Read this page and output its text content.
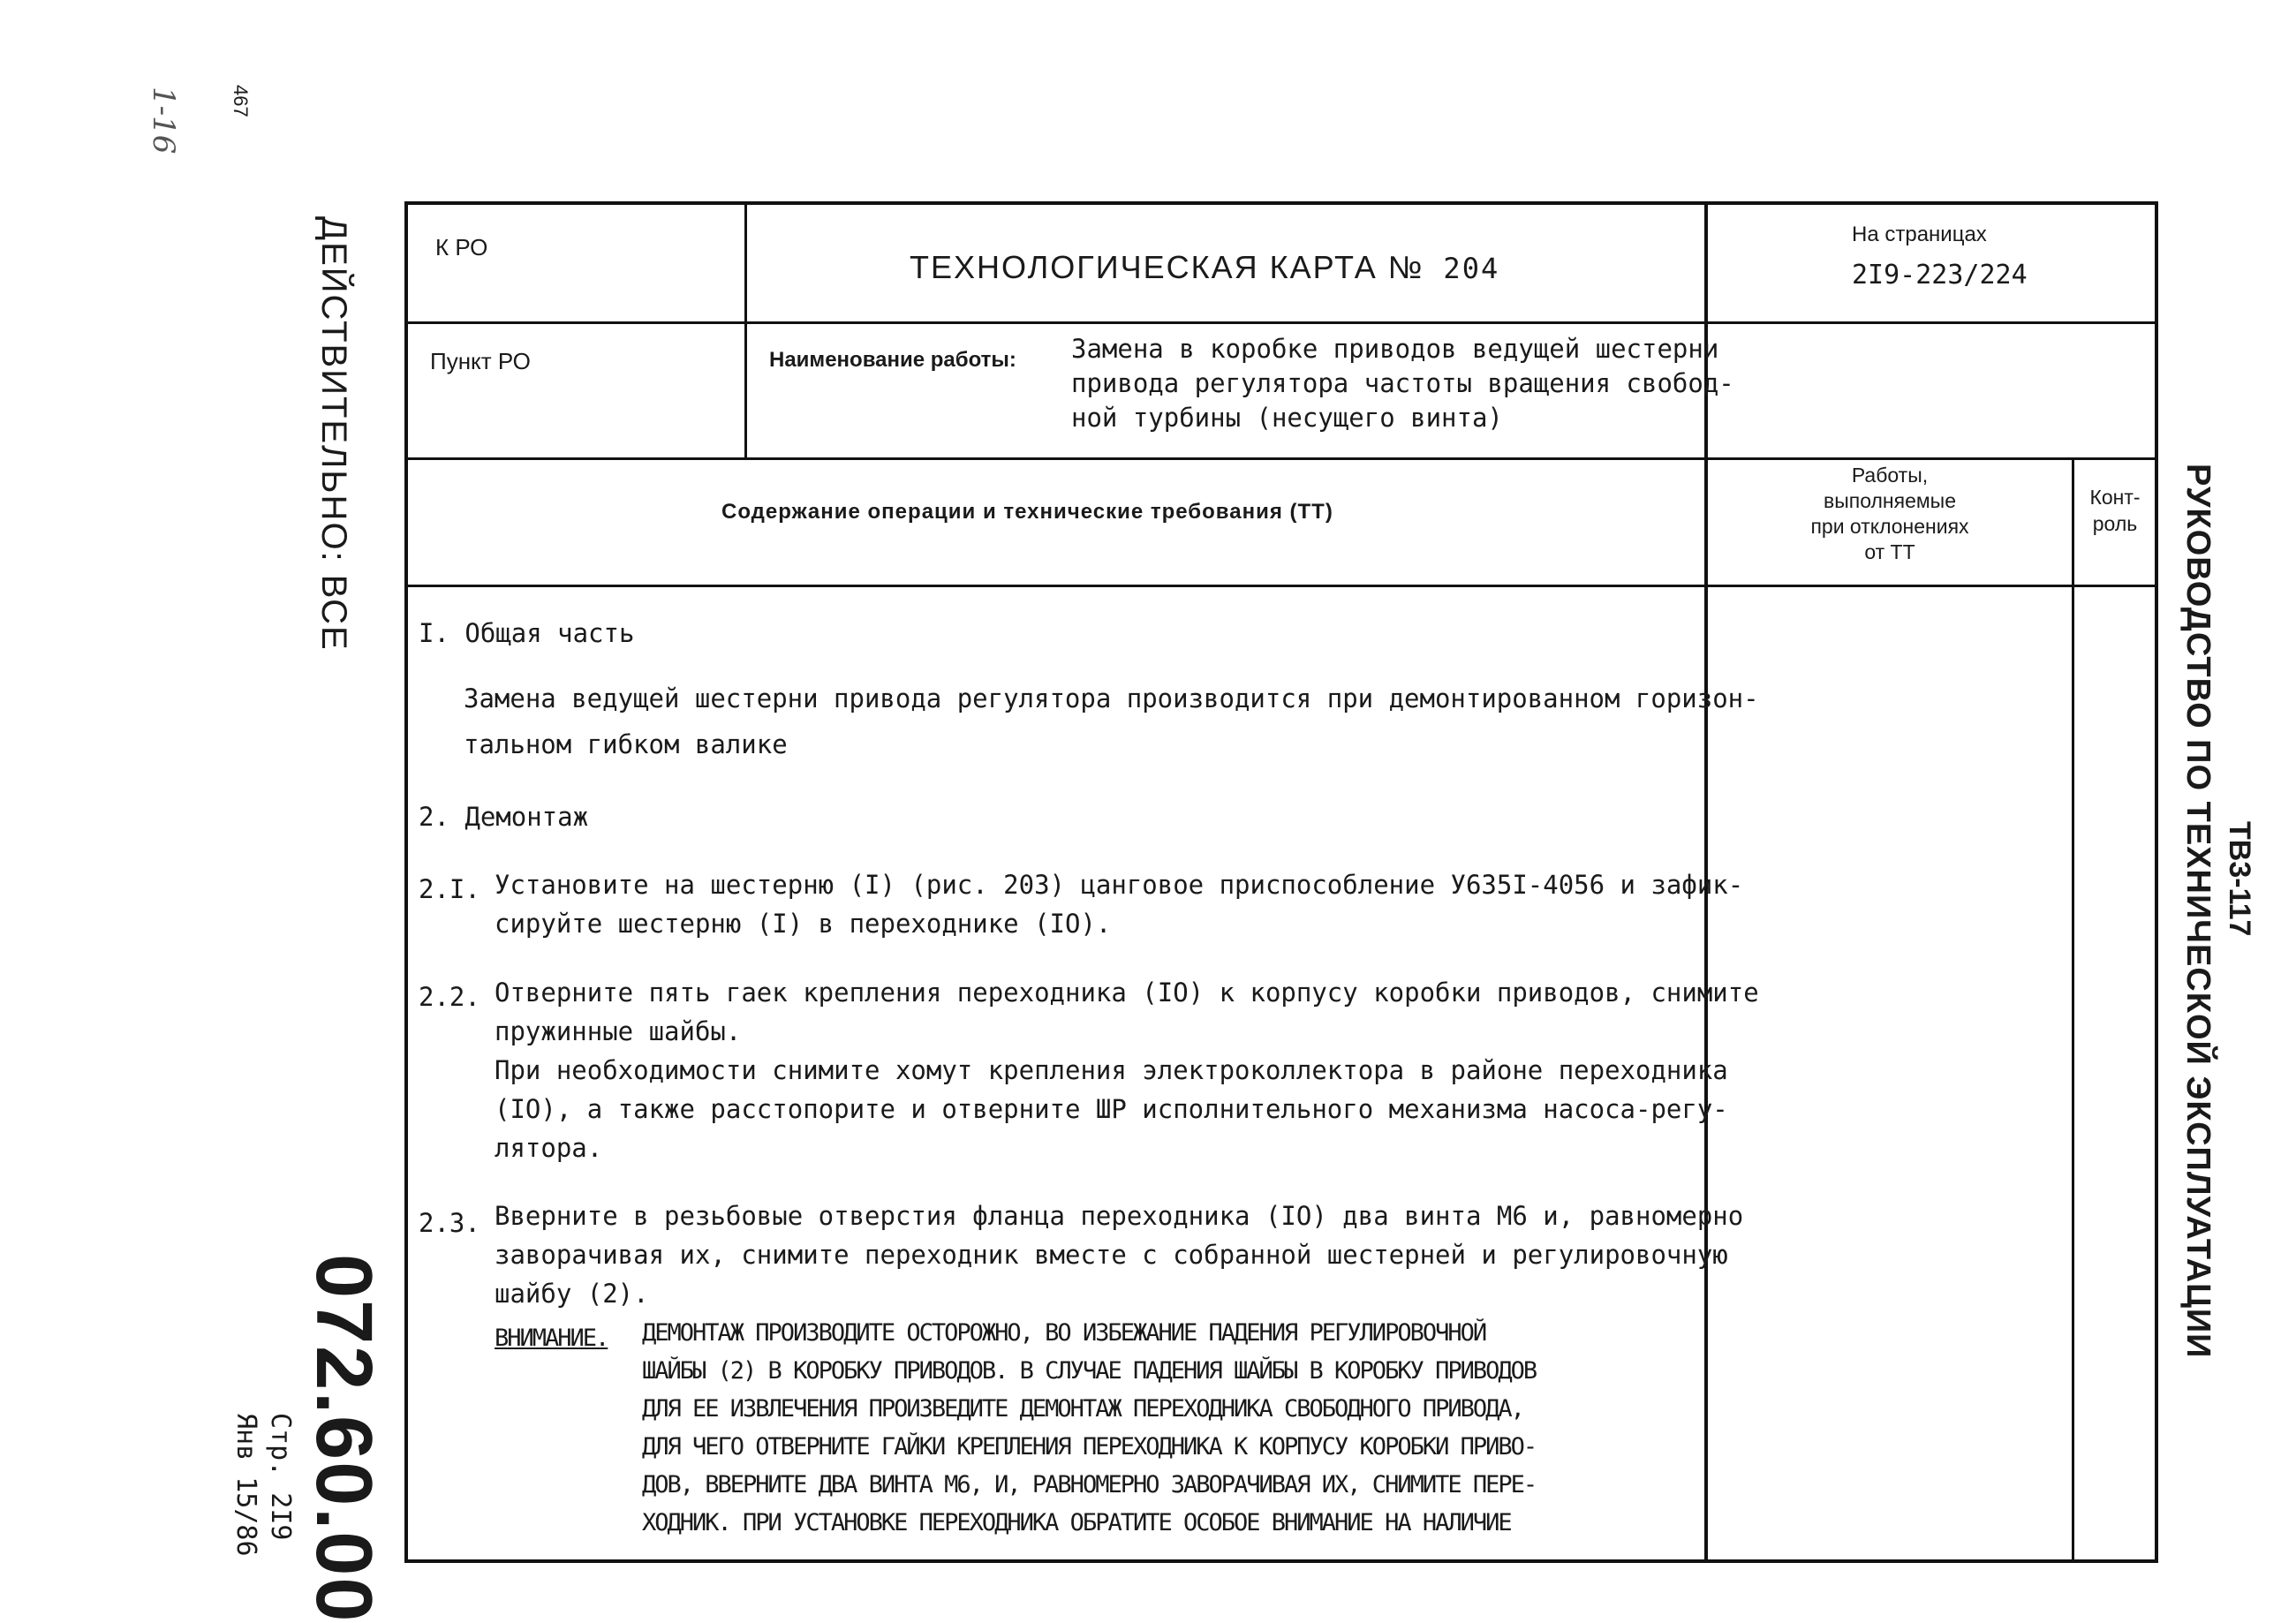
467
1-16
ДЕЙСТВИТЕЛЬНО: ВСЕ
072.60.00
Стр. 2I9
Янв 15/86
ТВ3-117
РУКОВОДСТВО ПО ТЕХНИЧЕСКОЙ ЭКСПЛУАТАЦИИ
К РО
ТЕХНОЛОГИЧЕСКАЯ КАРТА № 204
На страницах
2I9-223/224
Пункт РО	Наименование работы: Замена в коробке приводов ведущей шестерни
привода регулятора частоты вращения свобод-
ной турбины (несущего винта)
Содержание операции и технические требования (ТТ)
Работы,
выполняемые
при отклонениях
от ТТ
Конт-
роль
I. Общая часть
Замена ведущей шестерни привода регулятора производится при демонтированном горизон-
тальном гибком валике
2. Демонтаж
2.I. Установите на шестерню (I) (рис. 203) цанговое приспособление У635I-4056 и зафик-
сируйте шестерню (I) в переходнике (IO).
2.2. Отверните пять гаек крепления переходника (IO) к корпусу коробки приводов, снимите
пружинные шайбы.
При необходимости снимите хомут крепления электроколлектора в районе переходника
(IO), а также расстопорите и отверните ШР исполнительного механизма насоса-регу-
лятора.
2.3. Вверните в резьбовые отверстия фланца переходника (IO) два винта М6 и, равномерно
заворачивая их, снимите переходник вместе с собранной шестерней и регулировочную
шайбу (2).
ВНИМАНИЕ. ДЕМОНТАЖ ПРОИЗВОДИТЕ ОСТОРОЖНО, ВО ИЗБЕЖАНИЕ ПАДЕНИЯ РЕГУЛИРОВОЧНОЙ
ШАЙБЫ (2) В КОРОБКУ ПРИВОДОВ. В СЛУЧАЕ ПАДЕНИЯ ШАЙБЫ В КОРОБКУ ПРИВОДОВ
ДЛЯ ЕЕ ИЗВЛЕЧЕНИЯ ПРОИЗВЕДИТЕ ДЕМОНТАЖ ПЕРЕХОДНИКА СВОБОДНОГО ПРИВОДА,
ДЛЯ ЧЕГО ОТВЕРНИТЕ ГАЙКИ КРЕПЛЕНИЯ ПЕРЕХОДНИКА К КОРПУСУ КОРОБКИ ПРИВО-
ДОВ, ВВЕРНИТЕ ДВА ВИНТА М6, И, РАВНОМЕРНО ЗАВОРАЧИВАЯ ИХ, СНИМИТЕ ПЕРЕ-
ХОДНИК. ПРИ УСТАНОВКЕ ПЕРЕХОДНИКА ОБРАТИТЕ ОСОБОЕ ВНИМАНИЕ НА НАЛИЧИЕ
